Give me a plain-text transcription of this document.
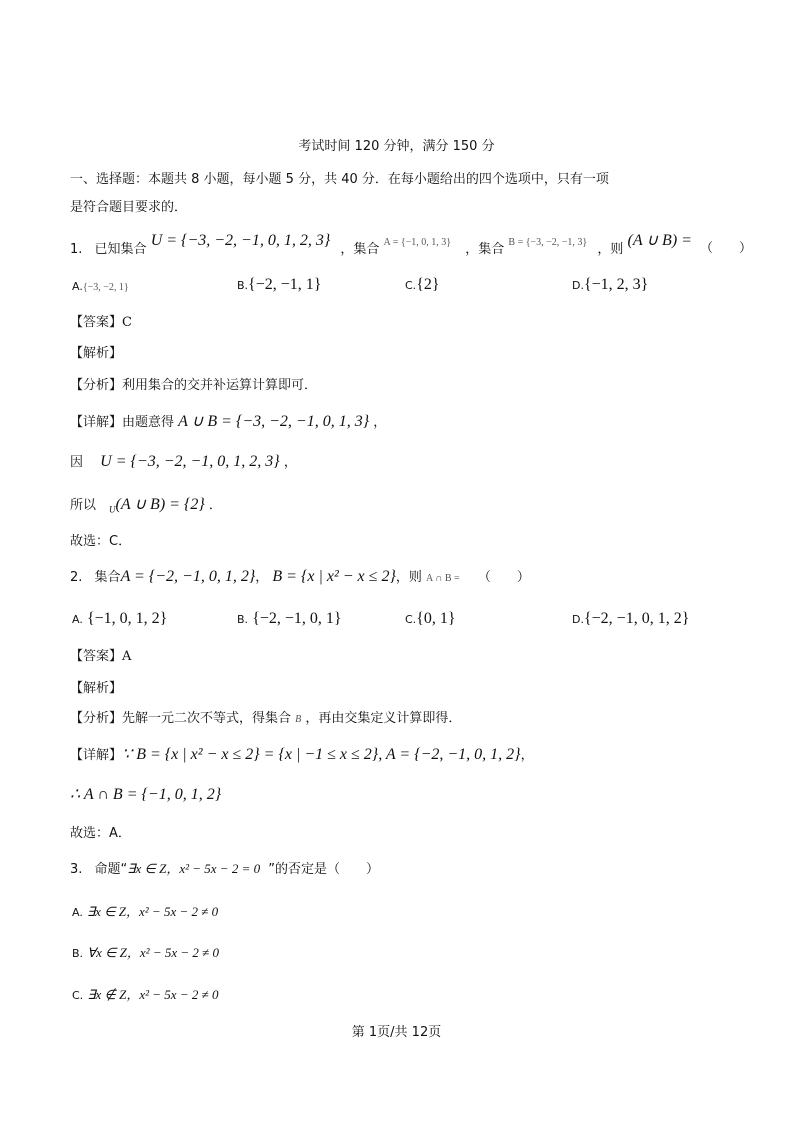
考试时间 120 分钟，满分 150 分
一、选择题：本题共 8 小题，每小题 5 分，共 40 分．在每小题给出的四个选项中，只有一项
是符合题目要求的．
1. 已知集合 U = {−3, −2, −1, 0, 1, 2, 3} ，集合 $^{A = \{-1, 0, 1, 3\}}$ ，集合 $^{B = \{-3, -2, -1, 3\}}$ ，则 (A ∪ B) = （　　）
A.{−3, −2, 1}	B.{−2, −1, 1}	C.{2}	D.{−1, 2, 3}
【答案】C
【解析】
【分析】利用集合的交并补运算计算即可．
【详解】由题意得 A ∪ B = {−3, −2, −1, 0, 1, 3} ，
因　 U = {−3, −2, −1, 0, 1, 2, 3} ，
所以　 $_U$(A ∪ B) = {2} ．
故选：C．
2. 集合A = {−2, −1, 0, 1, 2}， B = {x | x² − x ≤ 2}，则 A ∩ B = （　　）
A. {−1, 0, 1, 2}	B. {−2, −1, 0, 1}	C.{0, 1}	D.{−2, −1, 0, 1, 2}
【答案】A
【解析】
【分析】先解一元二次不等式，得集合 B ，再由交集定义计算即得．
【详解】∵ B = {x | x² − x ≤ 2} = {x | −1 ≤ x ≤ 2}, A = {−2, −1, 0, 1, 2}，
∴ A ∩ B = {−1, 0, 1, 2}
故选：A．
3. 命题“∃x ∈ Z，x² − 5x − 2 = 0 ”的否定是（　　）
A. ∃x ∈ Z，x² − 5x − 2 ≠ 0
B. ∀x ∈ Z，x² − 5x − 2 ≠ 0
C. ∃x ∉ Z，x² − 5x − 2 ≠ 0
第 1页/共 12页
